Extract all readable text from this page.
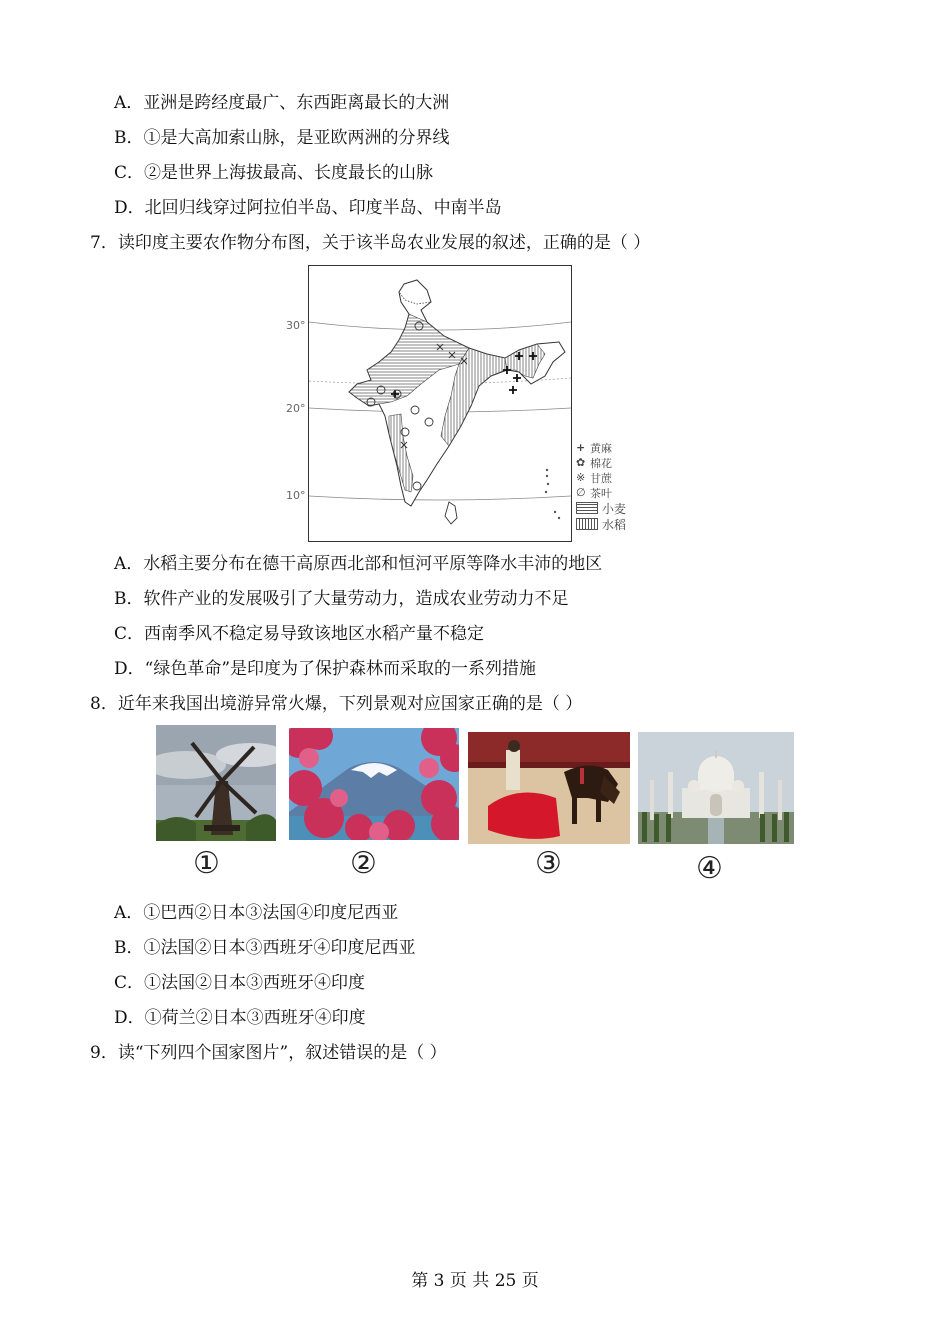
A．亚洲是跨经度最广、东西距离最长的大洲
B．①是大高加索山脉，是亚欧两洲的分界线
C．②是世界上海拔最高、长度最长的山脉
D．北回归线穿过阿拉伯半岛、印度半岛、中南半岛
7．读印度主要农作物分布图，关于该半岛农业发展的叙述，正确的是（ ）
30°
20°
10°
+ 黄麻
✿ 棉花
※ 甘蔗
∅ 茶叶
小麦
水稻
A．水稻主要分布在德干高原西北部和恒河平原等降水丰沛的地区
B．软件产业的发展吸引了大量劳动力，造成农业劳动力不足
C．西南季风不稳定易导致该地区水稻产量不稳定
D．“绿色革命”是印度为了保护森林而采取的一系列措施
8．近年来我国出境游异常火爆，下列景观对应国家正确的是（ ）
①	②	③	④
A．①巴西②日本③法国④印度尼西亚
B．①法国②日本③西班牙④印度尼西亚
C．①法国②日本③西班牙④印度
D．①荷兰②日本③西班牙④印度
9．读“下列四个国家图片”，叙述错误的是（ ）
第 3 页 共 25 页
